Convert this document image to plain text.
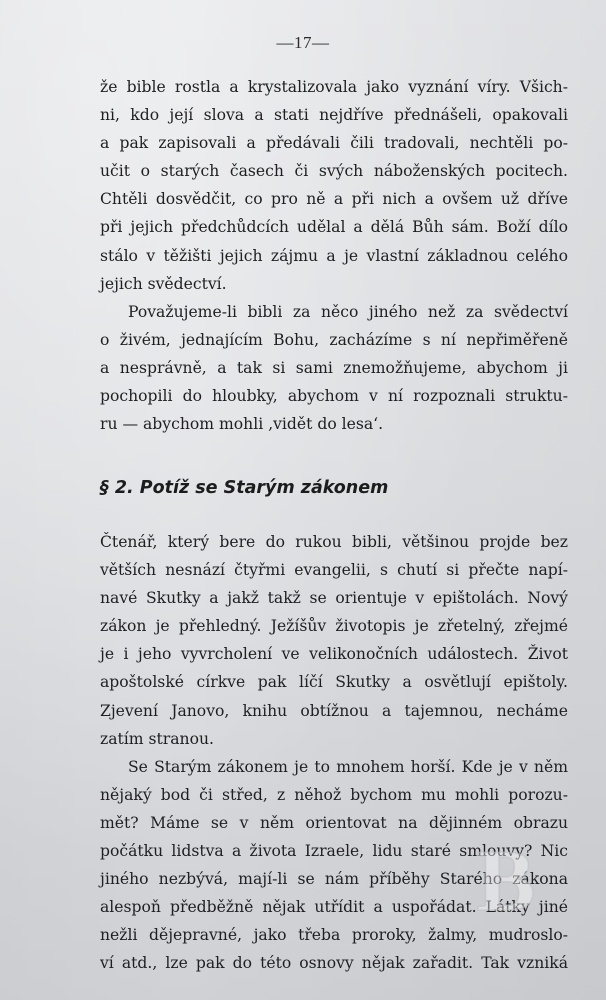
—17—
že bible rostla a krystalizovala jako vyznání víry. Všich-
ni, kdo její slova a stati nejdříve přednášeli, opakovali
a pak zapisovali a předávali čili tradovali, nechtěli po-
učit o starých časech či svých náboženských pocitech.
Chtěli dosvědčit, co pro ně a při nich a ovšem už dříve
při jejich předchůdcích udělal a dělá Bůh sám. Boží dílo
stálo v těžišti jejich zájmu a je vlastní základnou celého
jejich svědectví.
Považujeme-li bibli za něco jiného než za svědectví
o živém, jednajícím Bohu, zacházíme s ní nepřiměřeně
a nesprávně, a tak si sami znemožňujeme, abychom ji
pochopili do hloubky, abychom v ní rozpoznali struktu-
ru — abychom mohli ‚vidět do lesa‘.
§ 2. Potíž se Starým zákonem
Čtenář, který bere do rukou bibli, většinou projde bez
větších nesnází čtyřmi evangelii, s chutí si přečte napí-
navé Skutky a jakž takž se orientuje v epištolách. Nový
zákon je přehledný. Ježíšův životopis je zřetelný, zřejmé
je i jeho vyvrcholení ve velikonočních událostech. Život
apoštolské církve pak líčí Skutky a osvětlují epištoly.
Zjevení Janovo, knihu obtížnou a tajemnou, necháme
zatím stranou.
Se Starým zákonem je to mnohem horší. Kde je v něm
nějaký bod či střed, z něhož bychom mu mohli porozu-
mět? Máme se v něm orientovat na dějinném obrazu
počátku lidstva a života Izraele, lidu staré smlouvy? Nic
jiného nezbývá, mají-li se nám příběhy Starého zákona
alespoň předběžně nějak utřídit a uspořádat. Látky jiné
nežli dějepravné, jako třeba proroky, žalmy, mudroslo-
ví atd., lze pak do této osnovy nějak zařadit. Tak vzniká
B
